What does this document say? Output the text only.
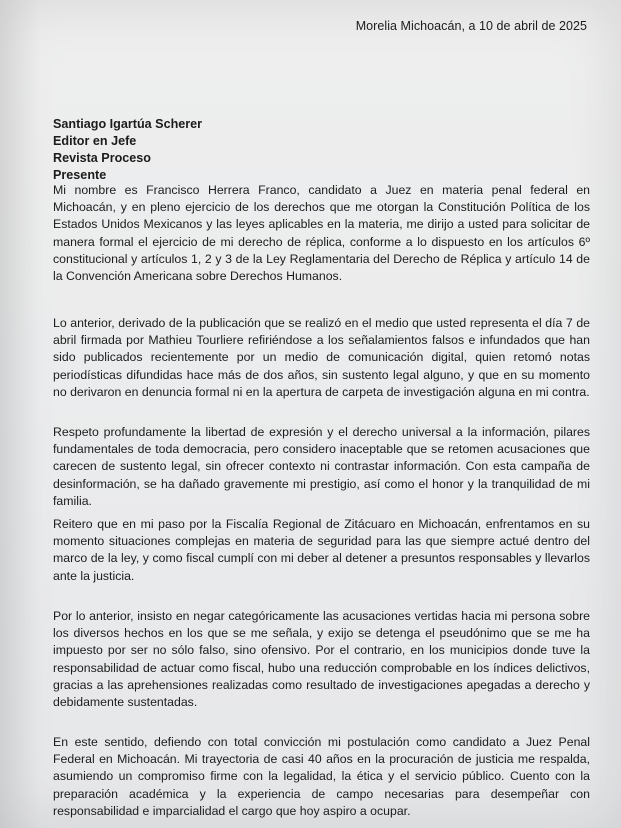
Morelia Michoacán, a 10 de abril de 2025
Santiago Igartúa Scherer
Editor en Jefe
Revista Proceso
Presente

Mi nombre es Francisco Herrera Franco, candidato a Juez en materia penal federal en Michoacán, y en pleno ejercicio de los derechos que me otorgan la Constitución Política de los Estados Unidos Mexicanos y las leyes aplicables en la materia, me dirijo a usted para solicitar de manera formal el ejercicio de mi derecho de réplica, conforme a lo dispuesto en los artículos 6º constitucional y artículos 1, 2 y 3 de la Ley Reglamentaria del Derecho de Réplica y artículo 14 de la Convención Americana sobre Derechos Humanos.

Lo anterior, derivado de la publicación que se realizó en el medio que usted representa el día 7 de abril firmada por Mathieu Tourliere refiriéndose a los señalamientos falsos e infundados que han sido publicados recientemente por un medio de comunicación digital, quien retomó notas periodísticas difundidas hace más de dos años, sin sustento legal alguno, y que en su momento no derivaron en denuncia formal ni en la apertura de carpeta de investigación alguna en mi contra.

Respeto profundamente la libertad de expresión y el derecho universal a la información, pilares fundamentales de toda democracia, pero considero inaceptable que se retomen acusaciones que carecen de sustento legal, sin ofrecer contexto ni contrastar información. Con esta campaña de desinformación, se ha dañado gravemente mi prestigio, así como el honor y la tranquilidad de mi familia.

Reitero que en mi paso por la Fiscalía Regional de Zitácuaro en Michoacán, enfrentamos en su momento situaciones complejas en materia de seguridad para las que siempre actué dentro del marco de la ley, y como fiscal cumplí con mi deber al detener a presuntos responsables y llevarlos ante la justicia.

Por lo anterior, insisto en negar categóricamente las acusaciones vertidas hacia mi persona sobre los diversos hechos en los que se me señala, y exijo se detenga el pseudónimo que se me ha impuesto por ser no sólo falso, sino ofensivo. Por el contrario, en los municipios donde tuve la responsabilidad de actuar como fiscal, hubo una reducción comprobable en los índices delictivos, gracias a las aprehensiones realizadas como resultado de investigaciones apegadas a derecho y debidamente sustentadas.

En este sentido, defiendo con total convicción mi postulación como candidato a Juez Penal Federal en Michoacán. Mi trayectoria de casi 40 años en la procuración de justicia me respalda, asumiendo un compromiso firme con la legalidad, la ética y el servicio público. Cuento con la preparación académica y la experiencia de campo necesarias para desempeñar con responsabilidad e imparcialidad el cargo que hoy aspiro a ocupar.
